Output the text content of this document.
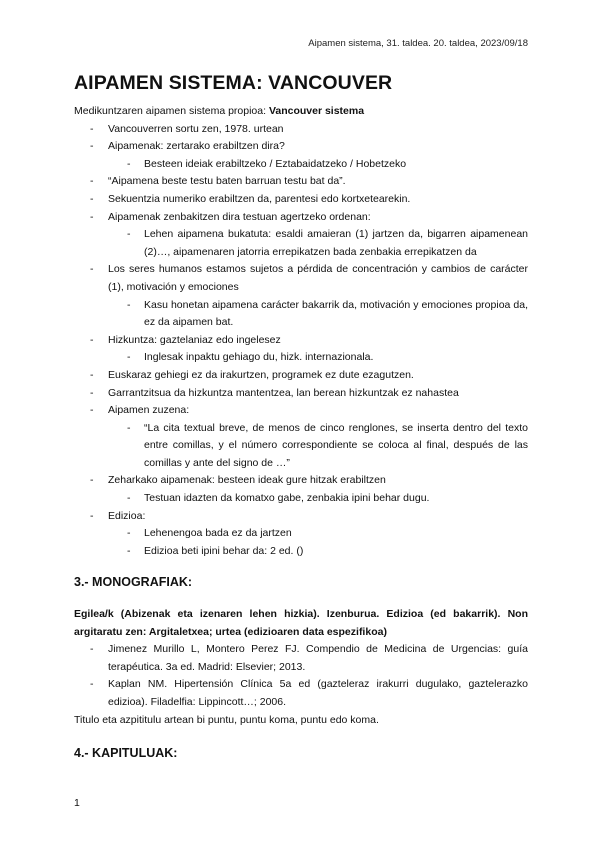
Aipamen sistema, 31. taldea. 20. taldea, 2023/09/18
AIPAMEN SISTEMA: VANCOUVER

Medikuntzaren aipamen sistema propioa: Vancouver sistema

- Vancouverren sortu zen, 1978. urtean

- Aipamenak: zertarako erabiltzen dira?

- Besteen ideiak erabiltzeko / Eztabaidatzeko / Hobetzeko

- “Aipamena beste testu baten barruan testu bat da”.

- Sekuentzia numeriko erabiltzen da, parentesi edo kortxetearekin.

- Aipamenak zenbakitzen dira testuan agertzeko ordenan:

- Lehen aipamena bukatuta: esaldi amaieran (1) jartzen da, bigarren aipamenean (2)…, aipamenaren jatorria errepikatzen bada zenbakia errepikatzen da

- Los seres humanos estamos sujetos a pérdida de concentración y cambios de carácter (1), motivación y emociones

- Kasu honetan aipamena carácter bakarrik da, motivación y emociones propioa da, ez da aipamen bat.

- Hizkuntza: gaztelaniaz edo ingelesez

- Inglesak inpaktu gehiago du, hizk. internazionala.

- Euskaraz gehiegi ez da irakurtzen, programek ez dute ezagutzen.

- Garrantzitsua da hizkuntza mantentzea, lan berean hizkuntzak ez nahastea

- Aipamen zuzena:

- “La cita textual breve, de menos de cinco renglones, se inserta dentro del texto entre comillas, y el número correspondiente se coloca al final, después de las comillas y ante del signo de …”

- Zeharkako aipamenak: besteen ideak gure hitzak erabiltzen

- Testuan idazten da komatxo gabe, zenbakia ipini behar dugu.

- Edizioa:

- Lehenengoa bada ez da jartzen

- Edizioa beti ipini behar da: 2 ed. ()

3.- MONOGRAFIAK:

Egilea/k (Abizenak eta izenaren lehen hizkia). Izenburua. Edizioa (ed bakarrik). Non argitaratu zen: Argitaletxea; urtea (edizioaren data espezifikoa)

- Jimenez Murillo L, Montero Perez FJ. Compendio de Medicina de Urgencias: guía terapéutica. 3a ed. Madrid: Elsevier; 2013.

- Kaplan NM. Hipertensión Clínica 5a ed (gazteleraz irakurri dugulako, gaztelerazko edizioa). Filadelfia: Lippincott…; 2006.

Titulo eta azpititulu artean bi puntu, puntu koma, puntu edo koma.

4.- KAPITULUAK:
1
